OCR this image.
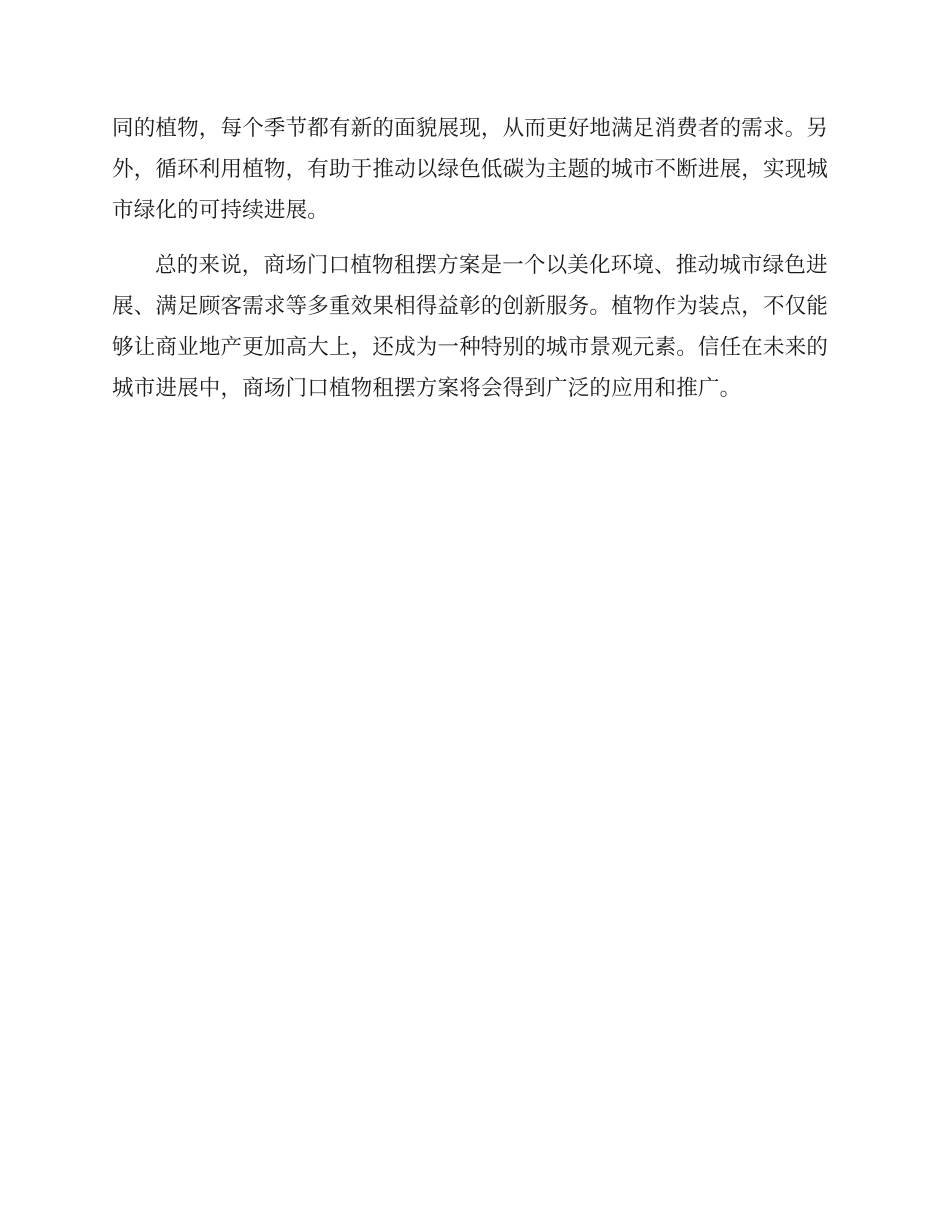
同的植物，每个季节都有新的面貌展现，从而更好地满足消费者的需求。另
外，循环利用植物，有助于推动以绿色低碳为主题的城市不断进展，实现城
市绿化的可持续进展。
总的来说，商场门口植物租摆方案是一个以美化环境、推动城市绿色进
展、满足顾客需求等多重效果相得益彰的创新服务。植物作为装点，不仅能
够让商业地产更加高大上，还成为一种特别的城市景观元素。信任在未来的
城市进展中，商场门口植物租摆方案将会得到广泛的应用和推广。
